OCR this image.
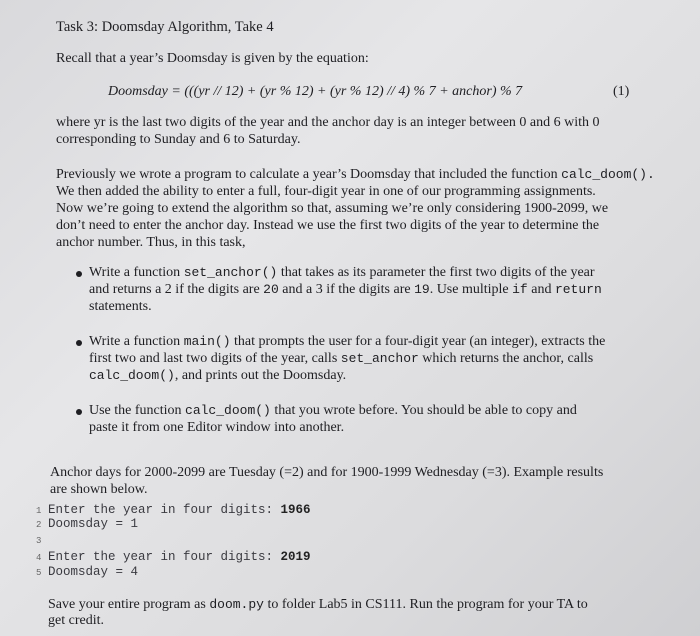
Task 3: Doomsday Algorithm, Take 4
Recall that a year’s Doomsday is given by the equation:
Doomsday = (((yr // 12) + (yr % 12) + (yr % 12) // 4) % 7 + anchor) % 7	(1)
where yr is the last two digits of the year and the anchor day is an integer between 0 and 6 with 0
corresponding to Sunday and 6 to Saturday.
Previously we wrote a program to calculate a year’s Doomsday that included the function calc_doom().
We then added the ability to enter a full, four-digit year in one of our programming assignments.
Now we’re going to extend the algorithm so that, assuming we’re only considering 1900-2099, we
don’t need to enter the anchor day. Instead we use the first two digits of the year to determine the
anchor number. Thus, in this task,
Write a function set_anchor() that takes as its parameter the first two digits of the year
and returns a 2 if the digits are 20 and a 3 if the digits are 19. Use multiple if and return
statements.
Write a function main() that prompts the user for a four-digit year (an integer), extracts the
first two and last two digits of the year, calls set_anchor which returns the anchor, calls
calc_doom(), and prints out the Doomsday.
Use the function calc_doom() that you wrote before. You should be able to copy and
paste it from one Editor window into another.
Anchor days for 2000-2099 are Tuesday (=2) and for 1900-1999 Wednesday (=3). Example results
are shown below.
1 Enter the year in four digits: 1966
2 Doomsday = 1
3
4 Enter the year in four digits: 2019
5 Doomsday = 4
Save your entire program as doom.py to folder Lab5 in CS111. Run the program for your TA to
get credit.
